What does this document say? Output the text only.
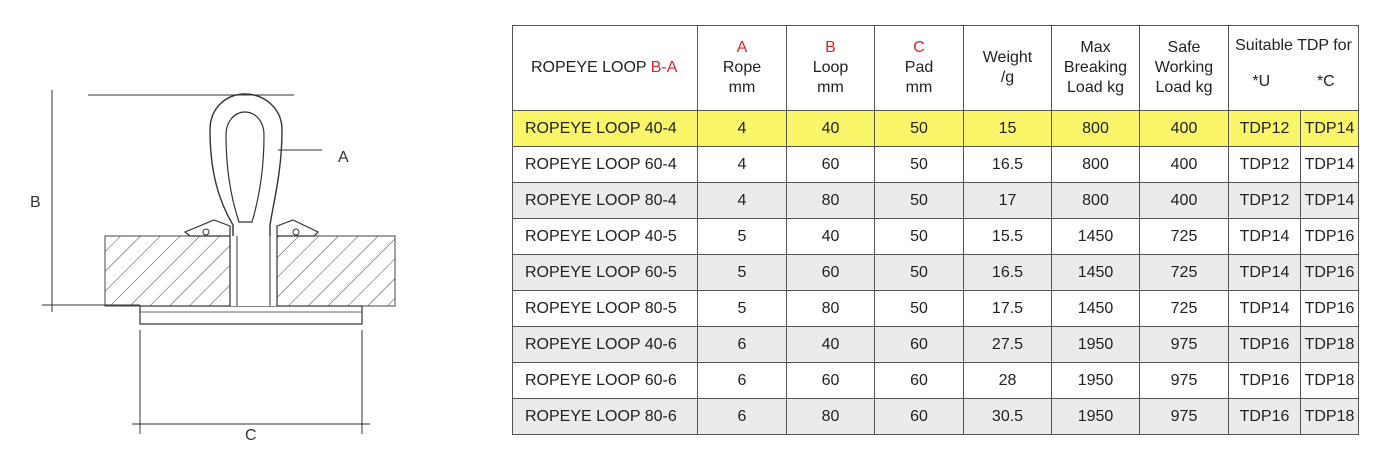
B
A
C
ROPEYE LOOP B-A	A
Rope
mm	B
Loop
mm	C
Pad
mm	Weight
/g	Max
Breaking
Load kg	Safe
Working
Load kg	Suitable TDP for
*U *C	

ROPEYE LOOP 40-4	4	40	50	15	800	400	TDP12	TDP14
ROPEYE LOOP 60-4	4	60	50	16.5	800	400	TDP12	TDP14
ROPEYE LOOP 80-4	4	80	50	17	800	400	TDP12	TDP14
ROPEYE LOOP 40-5	5	40	50	15.5	1450	725	TDP14	TDP16
ROPEYE LOOP 60-5	5	60	50	16.5	1450	725	TDP14	TDP16
ROPEYE LOOP 80-5	5	80	50	17.5	1450	725	TDP14	TDP16
ROPEYE LOOP 40-6	6	40	60	27.5	1950	975	TDP16	TDP18
ROPEYE LOOP 60-6	6	60	60	28	1950	975	TDP16	TDP18
ROPEYE LOOP 80-6	6	80	60	30.5	1950	975	TDP16	TDP18
